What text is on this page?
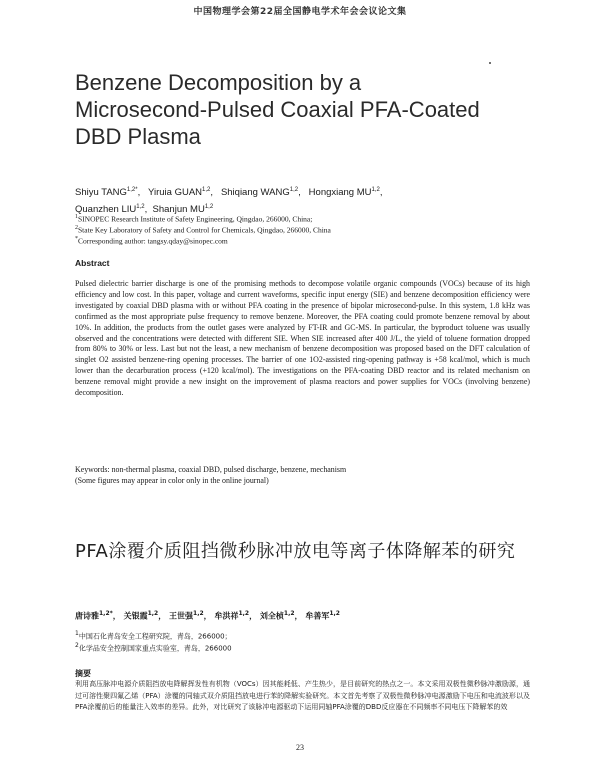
中国物理学会第22届全国静电学术年会会议论文集
Benzene Decomposition by a
Microsecond-Pulsed Coaxial PFA-Coated
DBD Plasma
Shiyu $TANG^{1,2*}$,   Yiruia GUAN$^{1,2}$,   Shiqiang WANG$^{1,2}$,   Hongxiang MU$^{1,2}$,
Quanzhen LIU$^{1,2}$,  Shanjun MU$^{1,2}$
$^1$SINOPEC Research Institute of Safety Engineering, Qingdao, 266000, China;
$^2$State Key Laboratory of Safety and Control for Chemicals, Qingdao, 266000, China
*Corresponding author: tangsy.qday@sinopec.com
Abstract
Pulsed dielectric barrier discharge is one of the promising methods to decompose volatile organic compounds (VOCs) because of its high efficiency and low cost. In this paper, voltage and current waveforms, specific input energy (SIE) and benzene decomposition efficiency were investigated by coaxial DBD plasma with or without PFA coating in the presence of bipolar microsecond-pulse. In this system, 1.8 kHz was confirmed as the most appropriate pulse frequency to remove benzene. Moreover, the PFA coating could promote benzene removal by about 10%. In addition, the products from the outlet gases were analyzed by FT-IR and GC-MS. In particular, the byproduct toluene was usually observed and the concentrations were detected with different SIE. When SIE increased after 400 J/L, the yield of toluene formation dropped from 80% to 30% or less. Last but not the least, a new mechanism of benzene decomposition was proposed based on the DFT calculation of singlet O2 assisted benzene-ring opening processes. The barrier of one 1O2-assisted ring-opening pathway is +58 kcal/mol, which is much lower than the decarburation process (+120 kcal/mol). The investigations on the PFA-coating DBD reactor and its related mechanism on benzene removal might provide a new insight on the improvement of plasma reactors and power supplies for VOCs (involving benzene) decomposition.
Keywords: non-thermal plasma, coaxial DBD, pulsed discharge, benzene, mechanism
(Some figures may appear in color only in the online journal)
PFA涂覆介质阻挡微秒脉冲放电等离子体降解苯的研究
唐诗雅$^{1,2*}$， 关银霞$^{1,2}$， 王世强$^{1,2}$， 牟洪祥$^{1,2}$， 刘全桢$^{1,2}$， 牟善军$^{1,2}$
$^1$中国石化青岛安全工程研究院，青岛，266000；
$^2$化学品安全控制国家重点实验室，青岛，266000
摘要
利用高压脉冲电源介质阻挡放电降解挥发性有机物（VOCs）因其能耗低、产生热少，是目前研究的热点之一。本文采用双极性微秒脉冲激励源，通过可溶性聚四氟乙烯（PFA）涂覆的同轴式双介质阻挡放电进行苯的降解实验研究。本文首先考察了双极性微秒脉冲电源激励下电压和电流波形以及PFA涂覆前后的能量注入效率的差异。此外，对比研究了该脉冲电源驱动下运用同轴PFA涂覆的DBD反应器在不同频率不同电压下降解苯的效
23
